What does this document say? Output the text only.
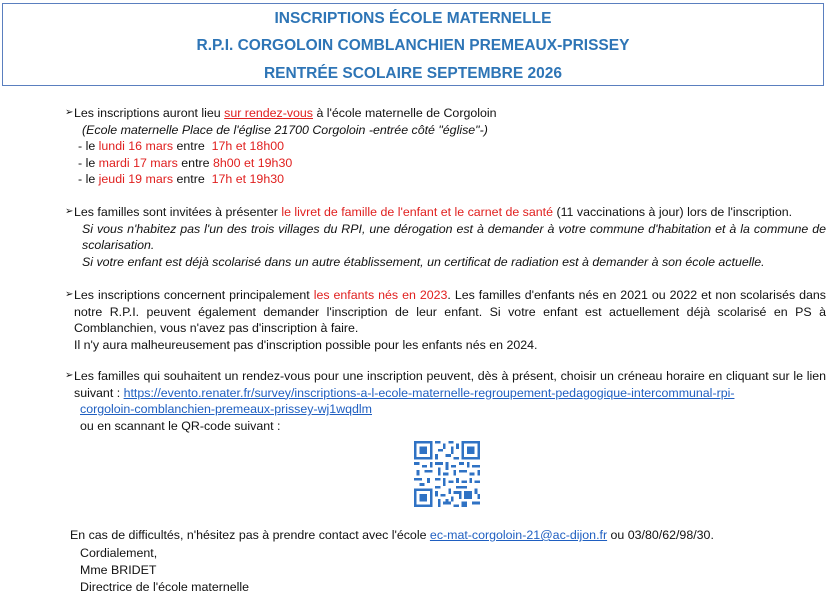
INSCRIPTIONS ÉCOLE MATERNELLE
R.P.I. CORGOLOIN COMBLANCHIEN PREMEAUX-PRISSEY
RENTRÉE SCOLAIRE SEPTEMBRE 2026
➢ Les inscriptions auront lieu sur rendez-vous à l'école maternelle de Corgoloin
(Ecole maternelle Place de l'église 21700 Corgoloin -entrée côté "église"-)
- le lundi 16 mars entre  17h et 18h00
- le mardi 17 mars entre 8h00 et 19h30
- le jeudi 19 mars entre  17h et 19h30
➢ Les familles sont invitées à présenter le livret de famille de l'enfant et le carnet de santé (11 vaccinations à jour) lors de l'inscription.
Si vous n'habitez pas l'un des trois villages du RPI, une dérogation est à demander à votre commune d'habitation et à la commune de scolarisation.
Si votre enfant est déjà scolarisé dans un autre établissement, un certificat de radiation est à demander à son école actuelle.
➢ Les inscriptions concernent principalement les enfants nés en 2023. Les familles d'enfants nés en 2021 ou 2022 et non scolarisés dans notre R.P.I. peuvent également demander l'inscription de leur enfant. Si votre enfant est actuellement déjà scolarisé en PS à Comblanchien, vous n'avez pas d'inscription à faire.
Il n'y aura malheureusement pas d'inscription possible pour les enfants nés en 2024.
➢ Les familles qui souhaitent un rendez-vous pour une inscription peuvent, dès à présent, choisir un créneau horaire en cliquant sur le lien suivant : https://evento.renater.fr/survey/inscriptions-a-l-ecole-maternelle-regroupement-pedagogique-intercommunal-rpi-
corgoloin-comblanchien-premeaux-prissey-wj1wqdlm
ou en scannant le QR-code suivant :
En cas de difficultés, n'hésitez pas à prendre contact avec l'école ec-mat-corgoloin-21@ac-dijon.fr ou 03/80/62/98/30.
Cordialement,
Mme BRIDET
Directrice de l'école maternelle
